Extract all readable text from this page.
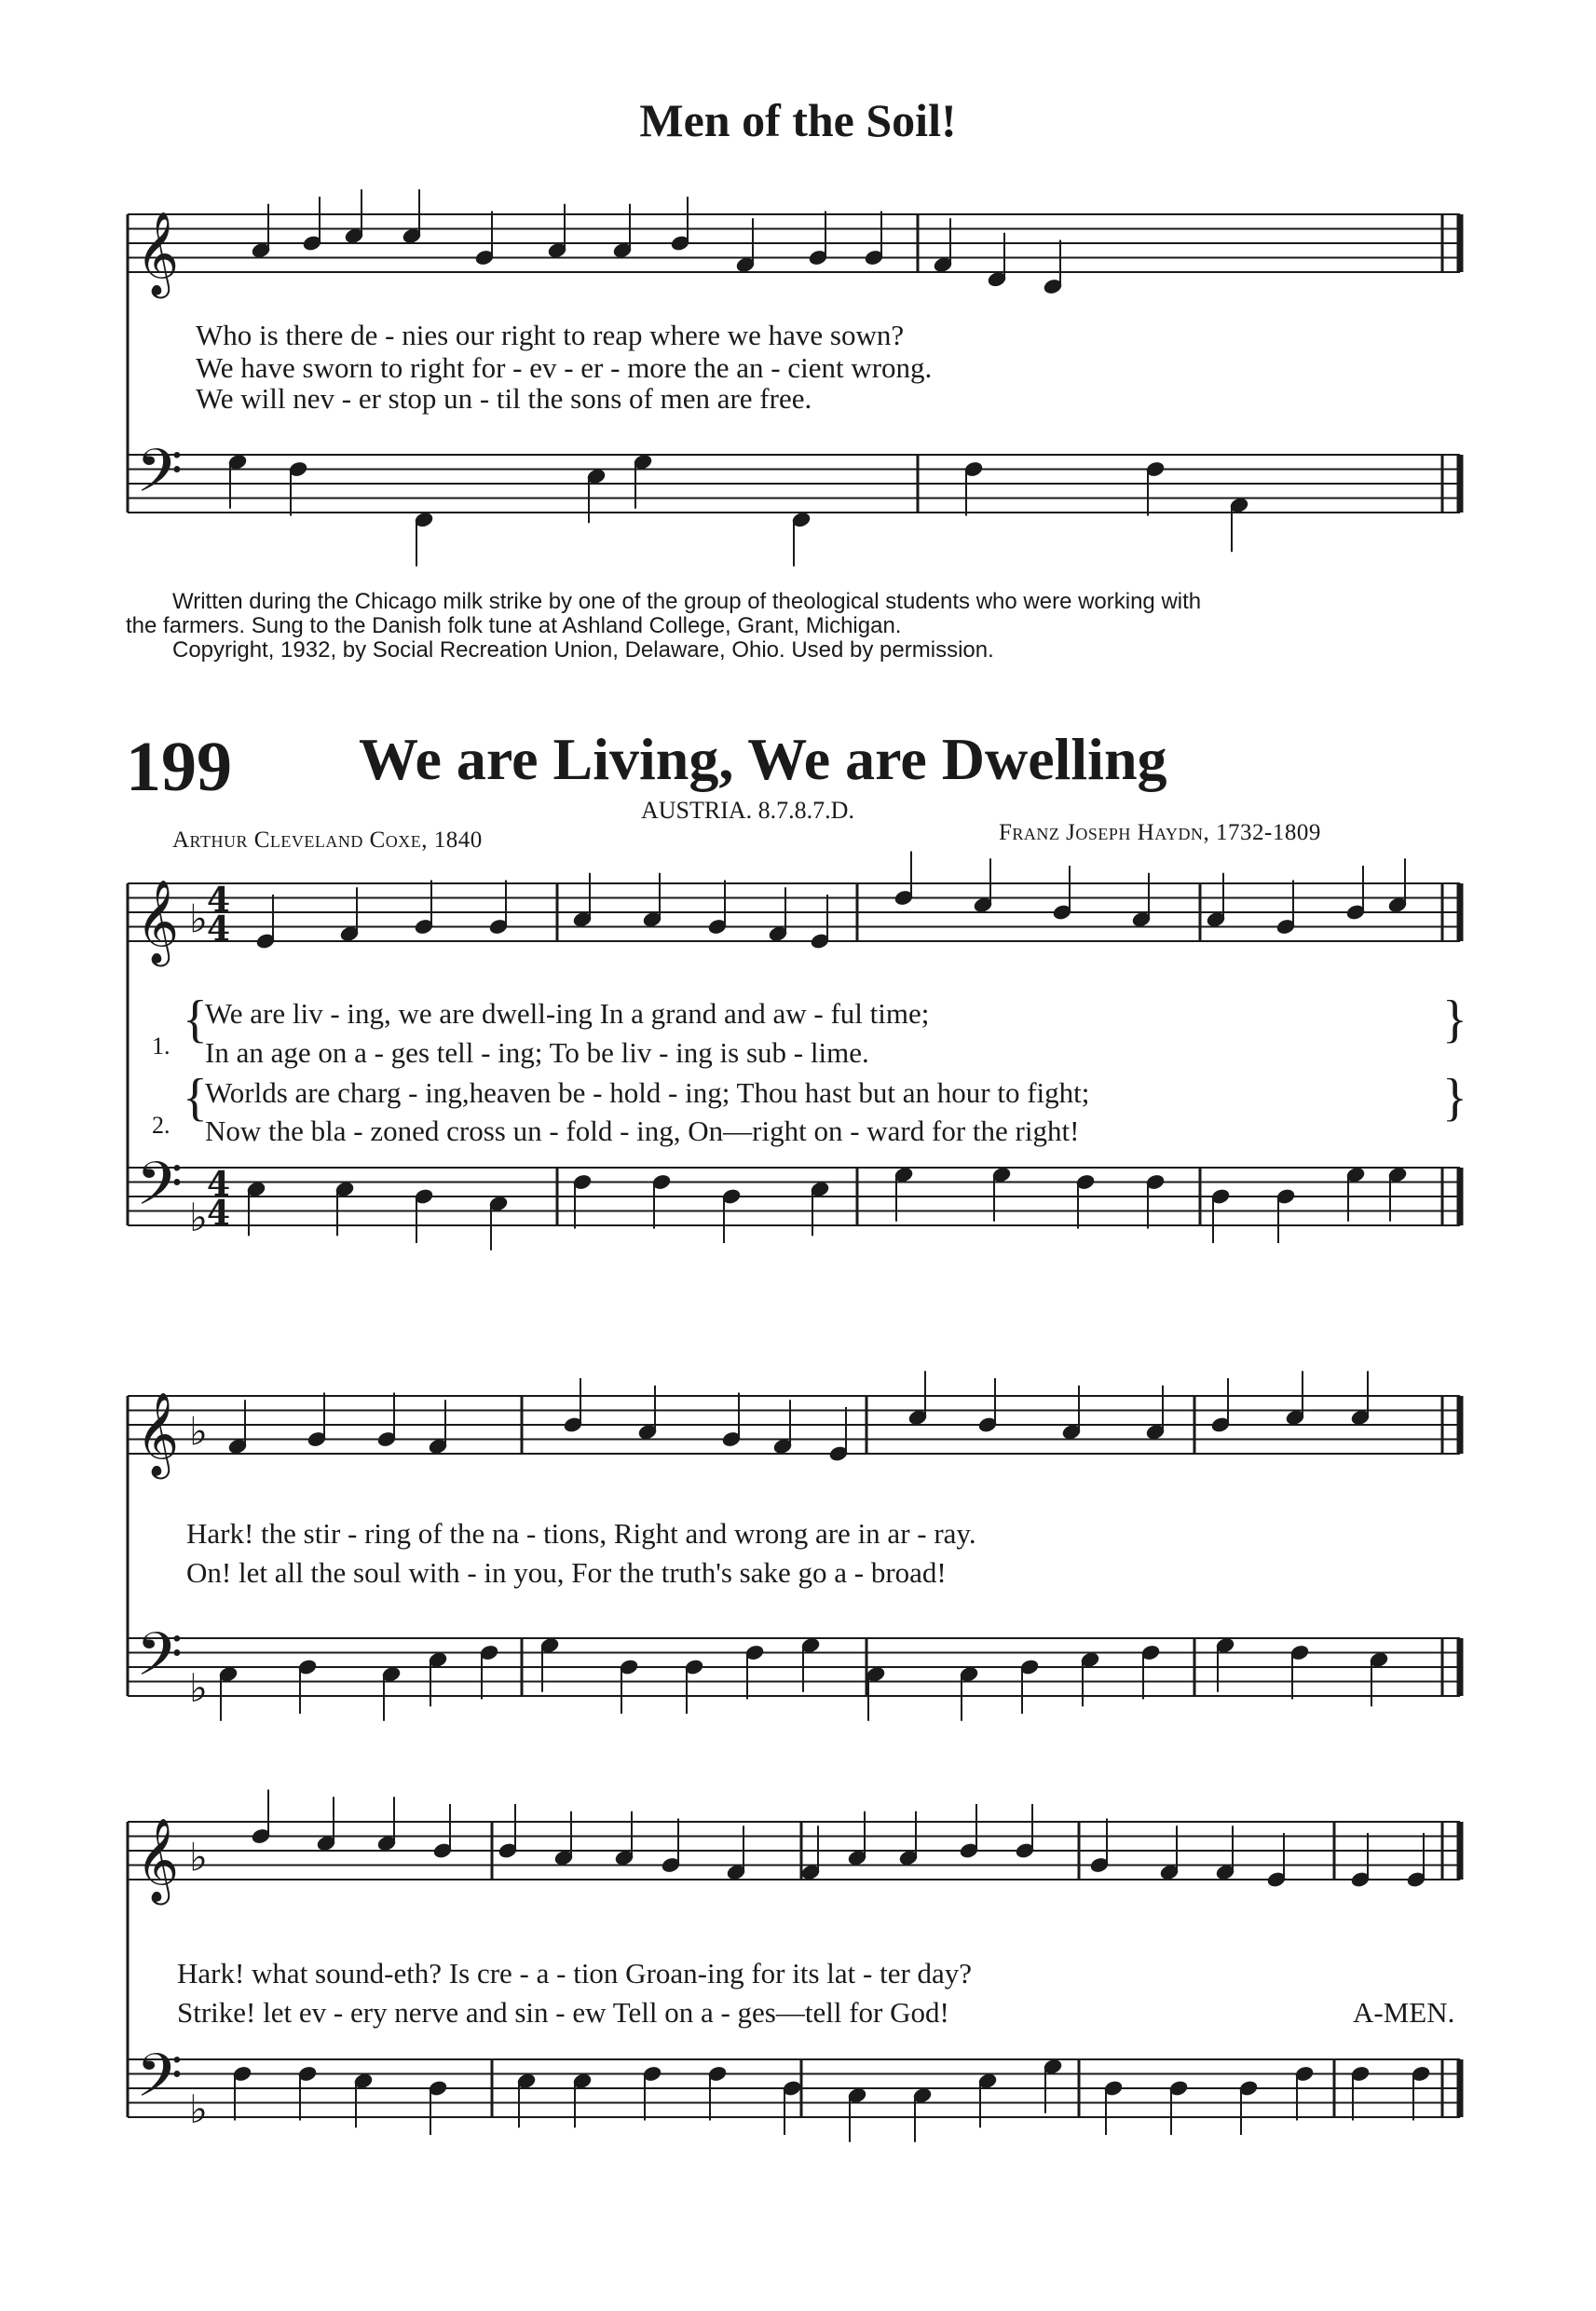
Men of the Soil!
𝄞
𝄢
𝄞
𝄢
𝄞
𝄢
𝄞
𝄢
♭
♭
♭
♭
♭
♭
4
4
4
4
Who is there de - nies our right to reap where we have sown?
We have sworn to right for - ev - er - more the an - cient wrong.
We will nev - er stop un - til the sons of men are free.
Written during the Chicago milk strike by one of the group of theological students who were working with
the farmers. Sung to the Danish folk tune at Ashland College, Grant, Michigan.
Copyright, 1932, by Social Recreation Union, Delaware, Ohio. Used by permission.
199 We are Living, We are Dwelling
AUSTRIA. 8.7.8.7.D.
Arthur Cleveland Coxe, 1840	Franz Joseph Haydn, 1732-1809
1. {
2. {
}
}
We are liv - ing, we are dwell-ing In a grand and aw - ful time;
In an age on a - ges tell - ing; To be liv - ing is sub - lime.
Worlds are charg - ing,heaven be - hold - ing; Thou hast but an hour to fight;
Now the bla - zoned cross un - fold - ing, On—right on - ward for the right!
Hark! the stir - ring of the na - tions, Right and wrong are in ar - ray.
On! let all the soul with - in you, For the truth's sake go a - broad!
Hark! what sound-eth? Is cre - a - tion Groan-ing for its lat - ter day?
Strike! let ev - ery nerve and sin - ew Tell on a - ges—tell for God!	A-MEN.
